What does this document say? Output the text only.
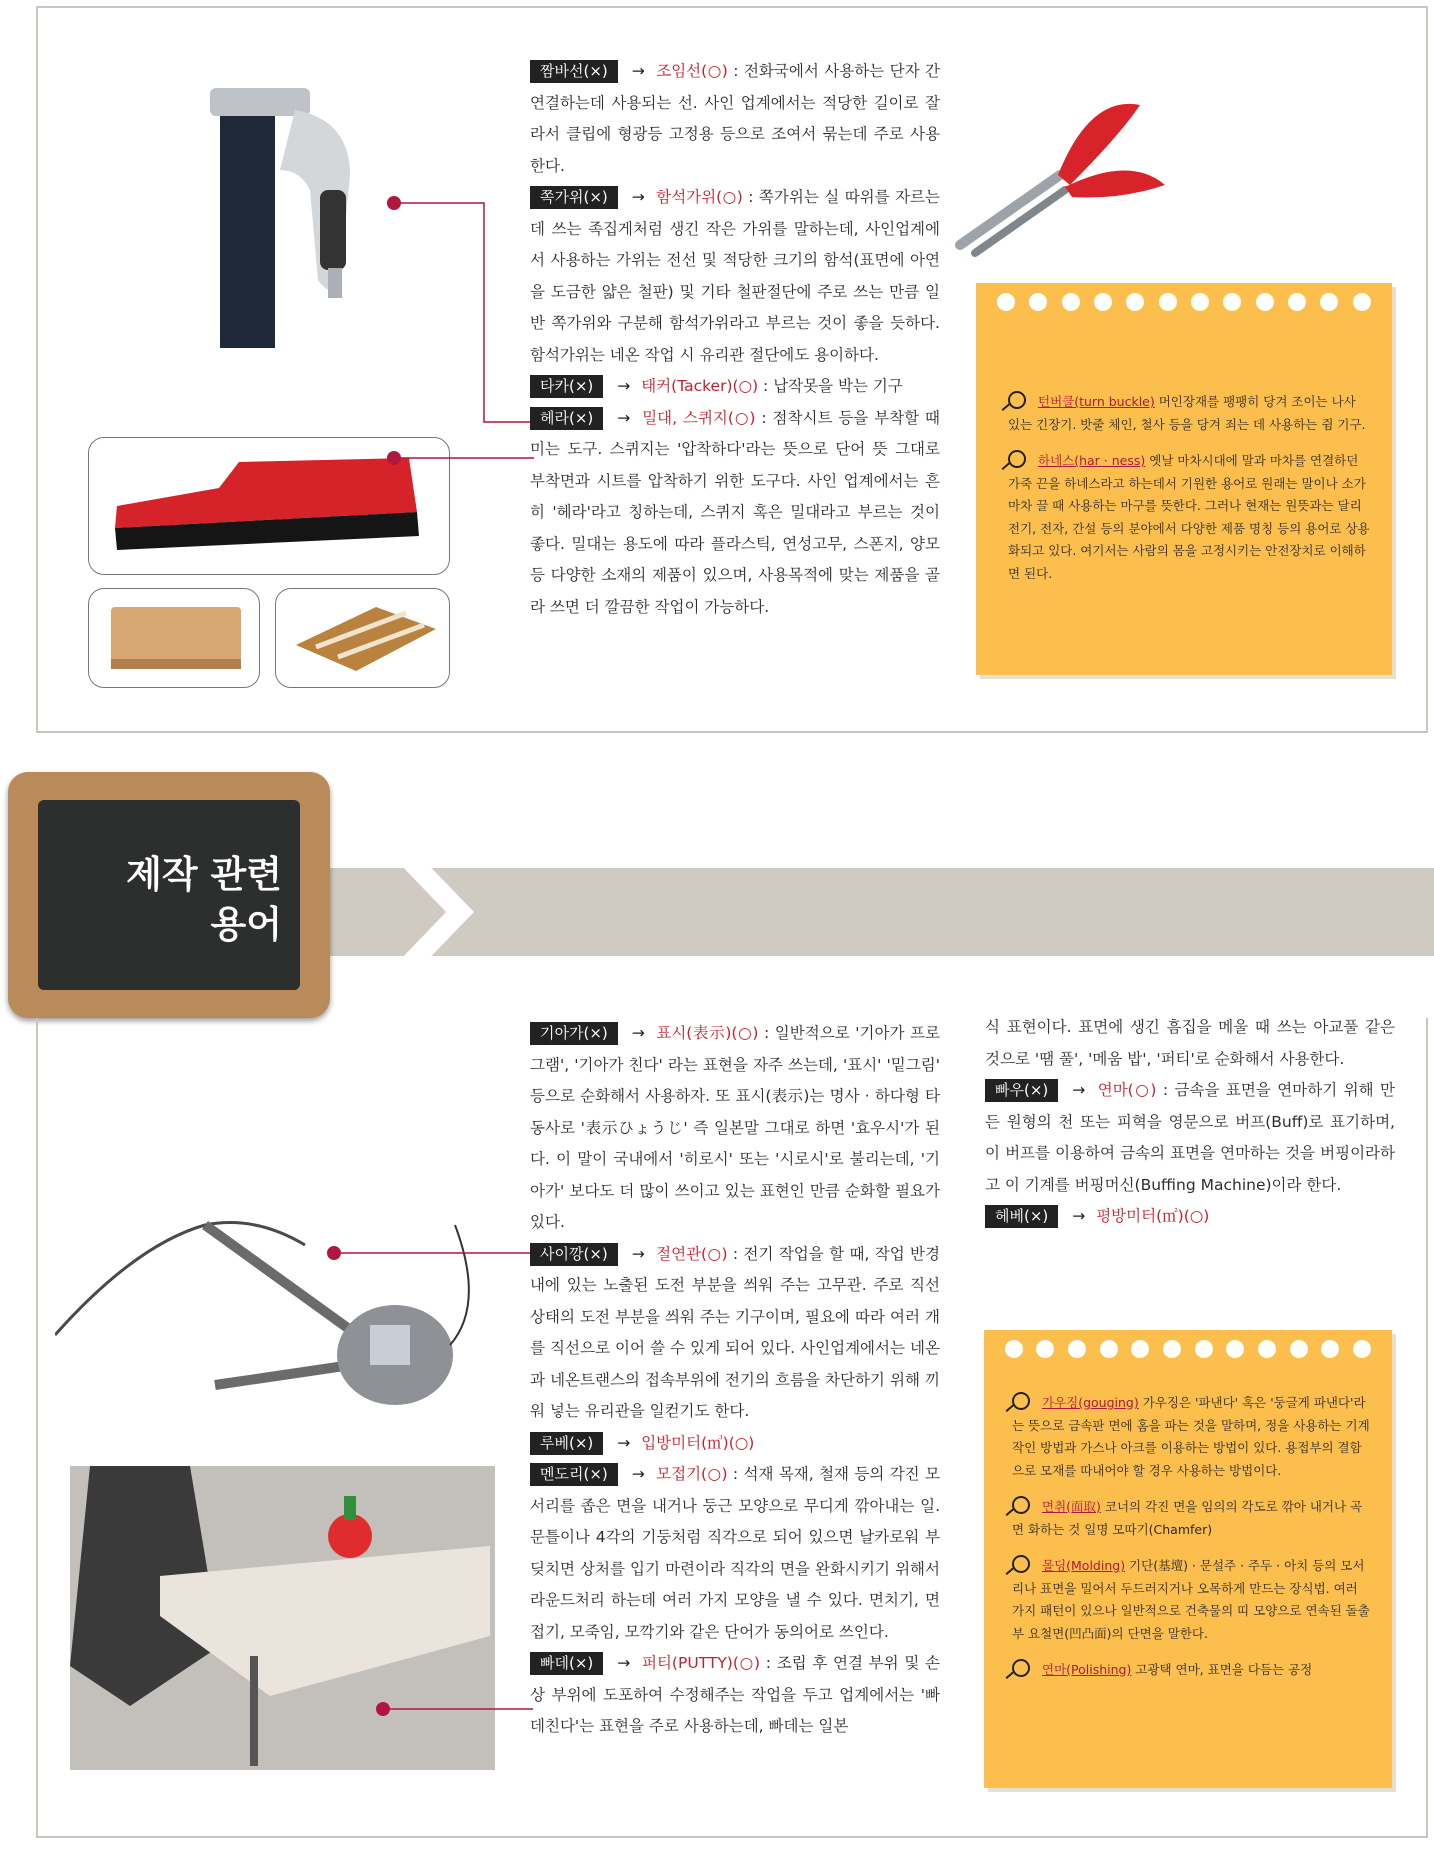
짬바선(×) → 조임선(○) : 전화국에서 사용하는 단자 간 연결하는데 사용되는 선. 사인 업계에서는 적당한 길이로 잘라서 클립에 형광등 고정용 등으로 조여서 묶는데 주로 사용한다.

쪽가위(×) → 함석가위(○) : 쪽가위는 실 따위를 자르는 데 쓰는 족집게처럼 생긴 작은 가위를 말하는데, 사인업계에서 사용하는 가위는 전선 및 적당한 크기의 함석(표면에 아연을 도금한 얇은 철판) 및 기타 철판절단에 주로 쓰는 만큼 일반 쪽가위와 구분해 함석가위라고 부르는 것이 좋을 듯하다. 함석가위는 네온 작업 시 유리관 절단에도 용이하다.

타카(×) → 태커(Tacker)(○) : 납작못을 박는 기구

헤라(×) → 밀대, 스퀴지(○) : 점착시트 등을 부착할 때 미는 도구. 스퀴지는 '압착하다'라는 뜻으로 단어 뜻 그대로 부착면과 시트를 압착하기 위한 도구다. 사인 업계에서는 흔히 '헤라'라고 칭하는데, 스퀴지 혹은 밀대라고 부르는 것이 좋다. 밀대는 용도에 따라 플라스틱, 연성고무, 스폰지, 양모 등 다양한 소재의 제품이 있으며, 사용목적에 맞는 제품을 골라 쓰면 더 깔끔한 작업이 가능하다.

턴버클(turn buckle) 머인장재를 팽팽히 당겨 조이는 나사 있는 긴장기. 밧줄 체인, 철사 등을 당겨 죄는 데 사용하는 쥠 기구.

하네스(har · ness) 옛날 마차시대에 말과 마차를 연결하던 가죽 끈을 하네스라고 하는데서 기원한 용어로 원래는 말이나 소가 마차 끌 때 사용하는 마구를 뜻한다. 그러나 현재는 원뜻과는 달리 전기, 전자, 간설 등의 분야에서 다양한 제품 명칭 등의 용어로 상용화되고 있다. 여기서는 사람의 몸을 고정시키는 안전장치로 이해하면 된다.

제작 관련
용어

기아가(×) → 표시(表示)(○) : 일반적으로 '기아가 프로그램', '기아가 친다' 라는 표현을 자주 쓰는데, '표시' '밑그림' 등으로 순화해서 사용하자. 또 표시(表示)는 명사 · 하다형 타동사로 '表示ひょうじ' 즉 일본말 그대로 하면 '효우시'가 된다. 이 말이 국내에서 '히로시' 또는 '시로시'로 불리는데, '기아가' 보다도 더 많이 쓰이고 있는 표현인 만큼 순화할 필요가 있다.

사이깡(×) → 절연관(○) : 전기 작업을 할 때, 작업 반경 내에 있는 노출된 도전 부분을 씌워 주는 고무관. 주로 직선 상태의 도전 부분을 씌워 주는 기구이며, 필요에 따라 여러 개를 직선으로 이어 쓸 수 있게 되어 있다. 사인업계에서는 네온과 네온트랜스의 접속부위에 전기의 흐름을 차단하기 위해 끼워 넣는 유리관을 일컫기도 한다.

루베(×) → 입방미터(㎥)(○)

멘도리(×) → 모접기(○) : 석재 목재, 철재 등의 각진 모서리를 좁은 면을 내거나 둥근 모양으로 무디게 깎아내는 일. 문틀이나 4각의 기둥처럼 직각으로 되어 있으면 날카로워 부딪치면 상처를 입기 마련이라 직각의 면을 완화시키기 위해서 라운드처리 하는데 여러 가지 모양을 낼 수 있다. 면치기, 면접기, 모죽임, 모깍기와 같은 단어가 동의어로 쓰인다.

빠데(×) → 퍼티(PUTTY)(○) : 조립 후 연결 부위 및 손상 부위에 도포하여 수정해주는 작업을 두고 업계에서는 '빠데친다'는 표현을 주로 사용하는데, 빠데는 일본

식 표현이다. 표면에 생긴 흠집을 메울 때 쓰는 아교풀 같은 것으로 '땜 풀', '메움 밥', '퍼티'로 순화해서 사용한다.

빠우(×) → 연마(○) : 금속을 표면을 연마하기 위해 만든 원형의 천 또는 피혁을 영문으로 버프(Buff)로 표기하며, 이 버프를 이용하여 금속의 표면을 연마하는 것을 버핑이라하고 이 기계를 버핑머신(Buffing Machine)이라 한다.

헤베(×) → 평방미터(㎡)(○)

가우징(gouging) 가우징은 '파낸다' 혹은 '둥글게 파낸다'라는 뜻으로 금속판 면에 홈을 파는 것을 말하며, 정을 사용하는 기계작인 방법과 가스나 아크를 이용하는 방법이 있다. 용접부의 결함으로 모재를 따내어야 할 경우 사용하는 방법이다.

면취(面取) 코너의 각진 면을 임의의 각도로 깎아 내거나 곡면 화하는 것 일명 모따기(Chamfer)

몰딩(Molding) 기단(基壇) · 문설주 · 주두 · 아치 등의 모서리나 표면을 밀어서 두드러지거나 오목하게 만드는 장식법. 여러 가지 패턴이 있으나 일반적으로 건축물의 띠 모양으로 연속된 돌출부 요철면(凹凸面)의 단면을 말한다.

연마(Polishing) 고광택 연마, 표면을 다듬는 공정
